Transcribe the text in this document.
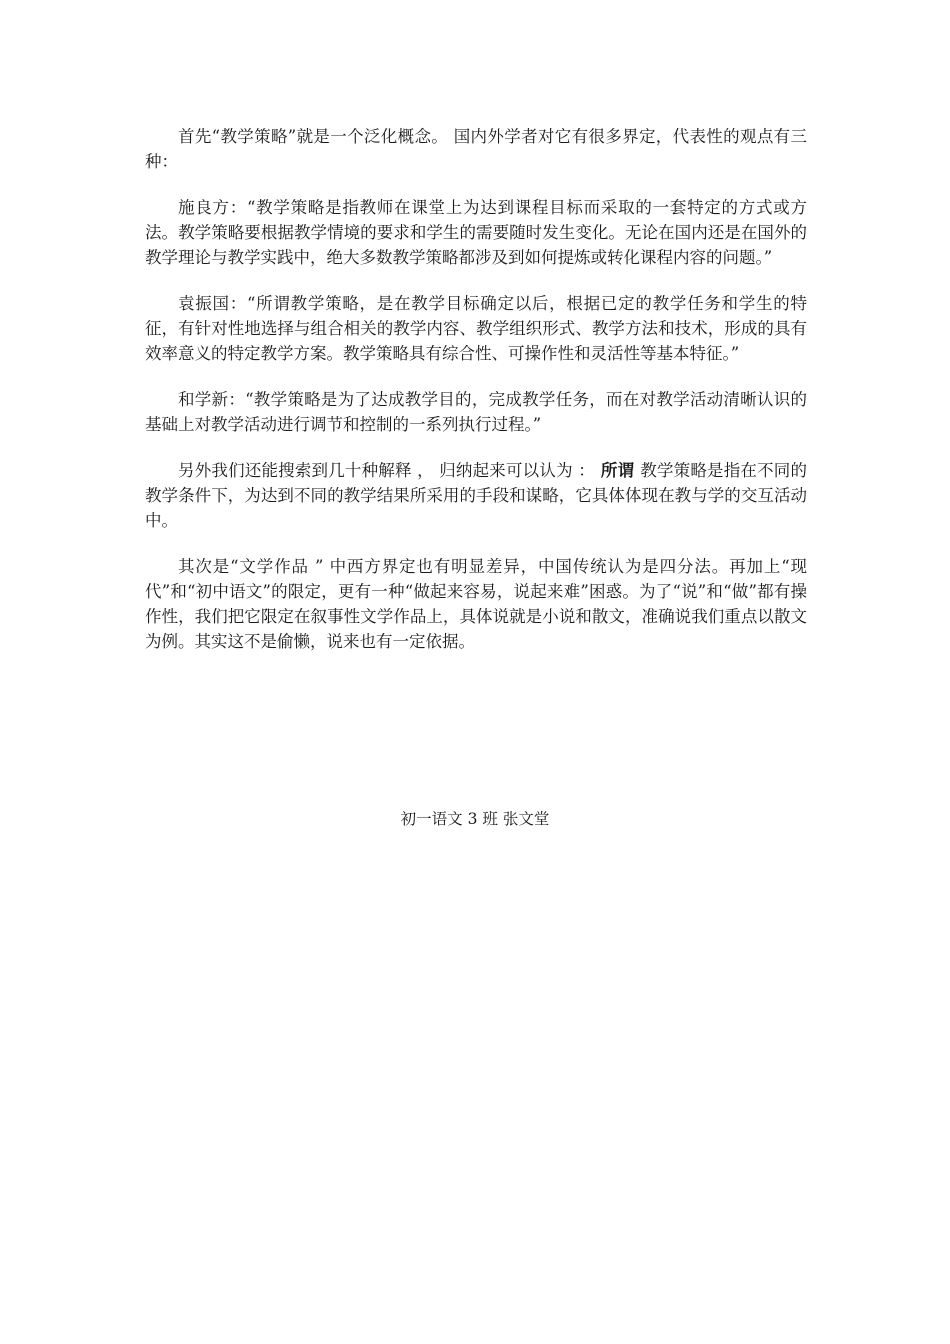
首先“教学策略”就是一个泛化概念。 国内外学者对它有很多界定，代表性的观点有三种：

施良方：“教学策略是指教师在课堂上为达到课程目标而采取的一套特定的方式或方法。教学策略要根据教学情境的要求和学生的需要随时发生变化。无论在国内还是在国外的教学理论与教学实践中，绝大多数教学策略都涉及到如何提炼或转化课程内容的问题。”

袁振国：“所谓教学策略，是在教学目标确定以后，根据已定的教学任务和学生的特征，有针对性地选择与组合相关的教学内容、教学组织形式、教学方法和技术，形成的具有效率意义的特定教学方案。教学策略具有综合性、可操作性和灵活性等基本特征。”

和学新：“教学策略是为了达成教学目的，完成教学任务，而在对教学活动清晰认识的基础上对教学活动进行调节和控制的一系列执行过程。”

另外我们还能搜索到几十种解释 ， 归纳起来可以认为 ： 所谓 教学策略是指在不同的教学条件下，为达到不同的教学结果所采用的手段和谋略，它具体体现在教与学的交互活动中。

其次是“文学作品 ” 中西方界定也有明显差异，中国传统认为是四分法。再加上“现代”和“初中语文”的限定，更有一种“做起来容易，说起来难”困惑。为了“说”和“做”都有操作性，我们把它限定在叙事性文学作品上，具体说就是小说和散文，准确说我们重点以散文为例。其实这不是偷懒，说来也有一定依据。

初一语文 3 班 张文堂
